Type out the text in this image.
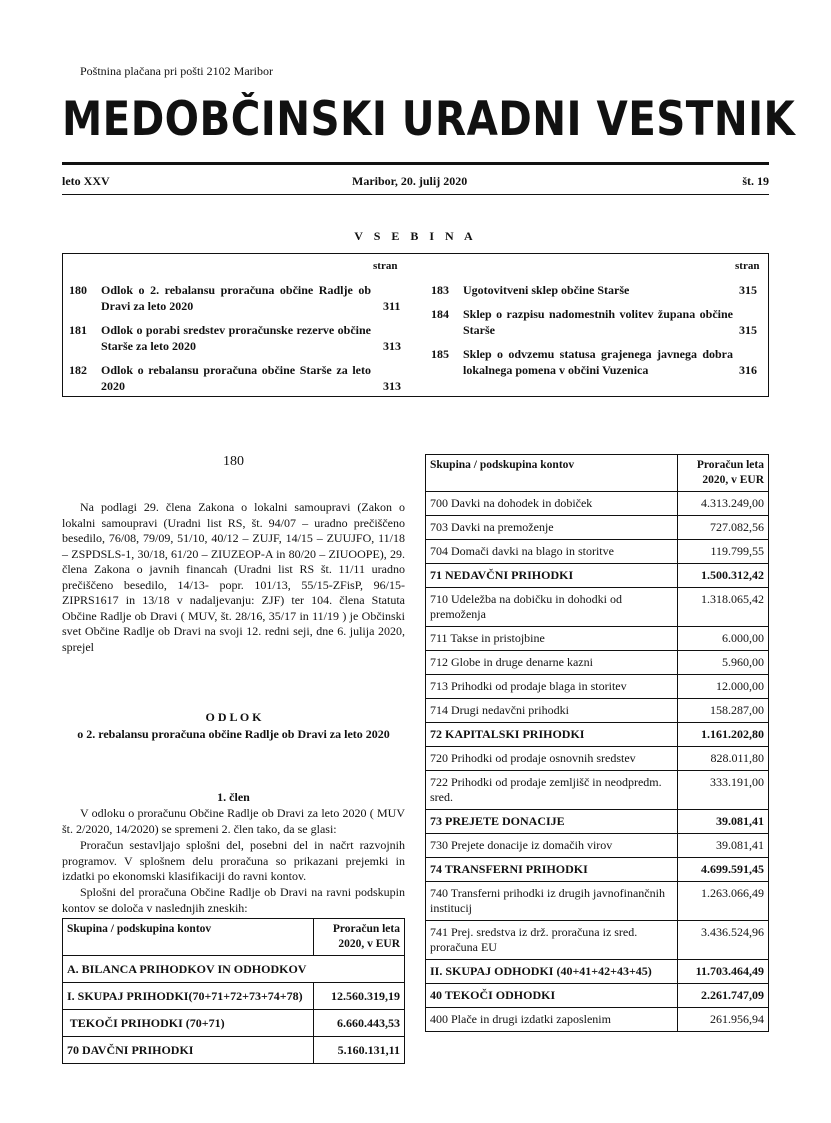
Poštnina plačana pri pošti 2102 Maribor
MEDOBČINSKI URADNI VESTNIK
leto XXV	Maribor, 20. julij 2020	št. 19
V S E B I N A
stran	stran
180 Odlok o 2. rebalansu proračuna občine Radlje ob Dravi za leto 2020	311
181 Odlok o porabi sredstev proračunske rezerve občine Starše za leto 2020	313
182 Odlok o rebalansu proračuna občine Starše za leto 2020	313
183 Ugotovitveni sklep občine Starše	315
184 Sklep o razpisu nadomestnih volitev župana občine Starše	315
185 Sklep o odvzemu statusa grajenega javnega dobra lokalnega pomena v občini Vuzenica	316
180
Na podlagi 29. člena Zakona o lokalni samoupravi (Zakon o lokalni samoupravi (Uradni list RS, št. 94/07 – uradno prečiščeno besedilo, 76/08, 79/09, 51/10, 40/12 – ZUJF, 14/15 – ZUUJFO, 11/18 – ZSPDSLS-1, 30/18, 61/20 – ZIUZEOP-A in 80/20 – ZIUOOPE), 29. člena Zakona o javnih financah (Uradni list RS št. 11/11 uradno prečiščeno besedilo, 14/13- popr. 101/13, 55/15-ZFisP, 96/15-ZIPRS1617 in 13/18 v nadaljevanju: ZJF) ter 104. člena Statuta Občine Radlje ob Dravi ( MUV, št. 28/16, 35/17 in 11/19 ) je Občinski svet Občine Radlje ob Dravi na svoji 12. redni seji, dne 6. julija 2020, sprejel
O D L O K
o 2. rebalansu proračuna občine Radlje ob Dravi za leto 2020
1. člen
V odloku o proračunu Občine Radlje ob Dravi za leto 2020 ( MUV št. 2/2020, 14/2020) se spremeni 2. člen tako, da se glasi:
Proračun sestavljajo splošni del, posebni del in načrt razvojnih programov. V splošnem delu proračuna so prikazani prejemki in izdatki po ekonomski klasifikaciji do ravni kontov.
Splošni del proračuna Občine Radlje ob Dravi na ravni podskupin kontov se določa v naslednjih zneskih:
Skupina / podskupina kontov	Proračun leta
2020, v EUR

A. BILANCA PRIHODKOV IN ODHODKOV	
I. SKUPAJ PRIHODKI(70+71+72+73+74+78)	12.560.319,19
TEKOČI PRIHODKI (70+71)	6.660.443,53
70 DAVČNI PRIHODKI	5.160.131,11
Skupina / podskupina kontov	Proračun leta
2020, v EUR

700 Davki na dohodek in dobiček	4.313.249,00
703 Davki na premoženje	727.082,56
704 Domači davki na blago in storitve	119.799,55
71 NEDAVČNI PRIHODKI	1.500.312,42
710 Udeležba na dobičku in dohodki od premoženja	1.318.065,42
711 Takse in pristojbine	6.000,00
712 Globe in druge denarne kazni	5.960,00
713 Prihodki od prodaje blaga in storitev	12.000,00
714 Drugi nedavčni prihodki	158.287,00
72 KAPITALSKI PRIHODKI	1.161.202,80
720 Prihodki od prodaje osnovnih sredstev	828.011,80
722 Prihodki od prodaje zemljišč in neodpredm. sred.	333.191,00
73 PREJETE DONACIJE	39.081,41
730 Prejete donacije iz domačih virov	39.081,41
74 TRANSFERNI PRIHODKI	4.699.591,45
740 Transferni prihodki iz drugih javnofinančnih institucij	1.263.066,49
741 Prej. sredstva iz drž. proračuna iz sred. proračuna EU	3.436.524,96
II. SKUPAJ ODHODKI (40+41+42+43+45)	11.703.464,49
40 TEKOČI ODHODKI	2.261.747,09
400 Plače in drugi izdatki zaposlenim	261.956,94
